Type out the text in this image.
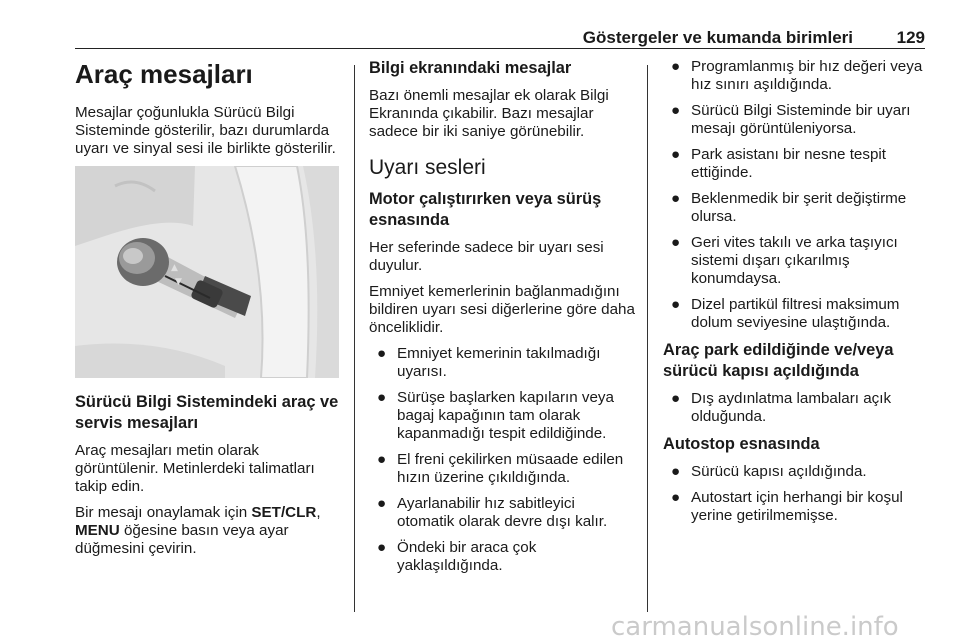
Göstergeler ve kumanda birimleri	129
Araç mesajları

Mesajlar çoğunlukla Sürücü Bilgi Sisteminde gösterilir, bazı durumlarda uyarı ve sinyal sesi ile birlikte gösterilir.

▲
▼
Sürücü Bilgi Sistemindeki araç ve servis mesajları

Araç mesajları metin olarak görüntülenir. Metinlerdeki talimatları takip edin.

Bir mesajı onaylamak için SET/CLR,
MENU öğesine basın veya ayar düğmesini çevirin.

Bilgi ekranındaki mesajlar

Bazı önemli mesajlar ek olarak Bilgi Ekranında çıkabilir. Bazı mesajlar sadece bir iki saniye görünebilir.

Uyarı sesleri
Motor çalıştırırken veya sürüş esnasında

Her seferinde sadece bir uyarı sesi duyulur.

Emniyet kemerlerinin bağlanmadığını bildiren uyarı sesi diğerlerine göre daha önceliklidir.

● Emniyet kemerinin takılmadığı uyarısı.
● Sürüşe başlarken kapıların veya bagaj kapağının tam olarak kapanmadığı tespit edildiğinde.
● El freni çekilirken müsaade edilen hızın üzerine çıkıldığında.
● Ayarlanabilir hız sabitleyici otomatik olarak devre dışı kalır.
● Öndeki bir araca çok yaklaşıldığında.
● Programlanmış bir hız değeri veya hız sınırı aşıldığında.
● Sürücü Bilgi Sisteminde bir uyarı mesajı görüntüleniyorsa.
● Park asistanı bir nesne tespit ettiğinde.
● Beklenmedik bir şerit değiştirme olursa.
● Geri vites takılı ve arka taşıyıcı sistemi dışarı çıkarılmış konumdaysa.
● Dizel partikül filtresi maksimum dolum seviyesine ulaştığında.
Araç park edildiğinde ve/veya sürücü kapısı açıldığında
● Dış aydınlatma lambaları açık olduğunda.
Autostop esnasında
● Sürücü kapısı açıldığında.
● Autostart için herhangi bir koşul yerine getirilmemişse.
carmanualsonline.info
